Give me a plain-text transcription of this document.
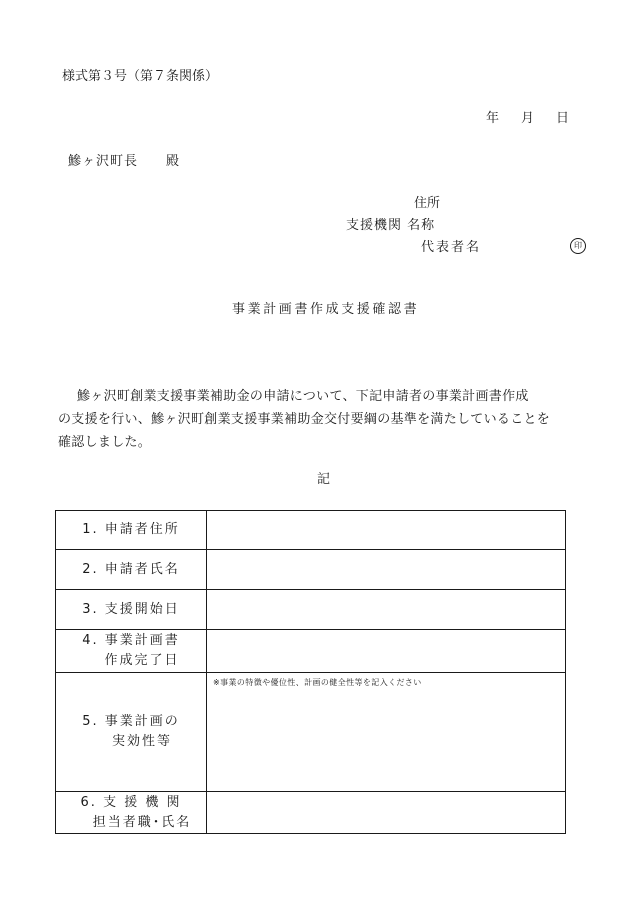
様式第３号（第７条関係）
年 月 日
鰺ヶ沢町長　　殿
住所
支援機関 名称
代表者名	印
事業計画書作成支援確認書
鰺ヶ沢町創業支援事業補助金の申請について、下記申請者の事業計画書作成
の支援を行い、鰺ヶ沢町創業支援事業補助金交付要綱の基準を満たしていることを
確認しました。
記
1. 申請者住所	

2. 申請者氏名	

3. 支援開始日	

4. 事業計画書
作成完了日	

5. 事業計画の
実効性等	※事業の特徴や優位性、計画の健全性等を記入ください

6. 支 援 機 関
担当者職･氏名	
